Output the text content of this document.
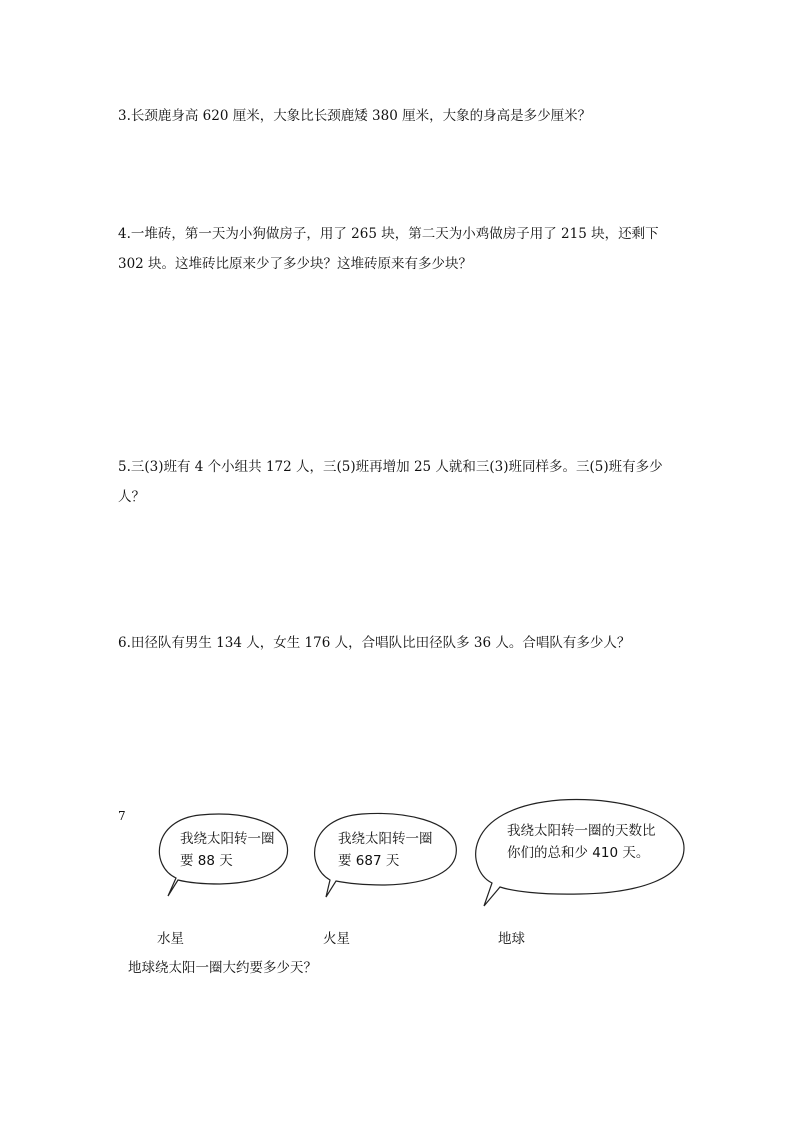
3.长颈鹿身高 620 厘米，大象比长颈鹿矮 380 厘米，大象的身高是多少厘米？

4.一堆砖，第一天为小狗做房子，用了 265 块，第二天为小鸡做房子用了 215 块，还剩下 302 块。这堆砖比原来少了多少块？这堆砖原来有多少块？

5.三(3)班有 4 个小组共 172 人，三(5)班再增加 25 人就和三(3)班同样多。三(5)班有多少人？

6.田径队有男生 134 人，女生 176 人，合唱队比田径队多 36 人。合唱队有多少人？

7
我绕太阳转一圈要 88 天
我绕太阳转一圈要 687 天
我绕太阳转一圈的天数比你们的总和少 410 天。
水星	火星	地球
地球绕太阳一圈大约要多少天？
